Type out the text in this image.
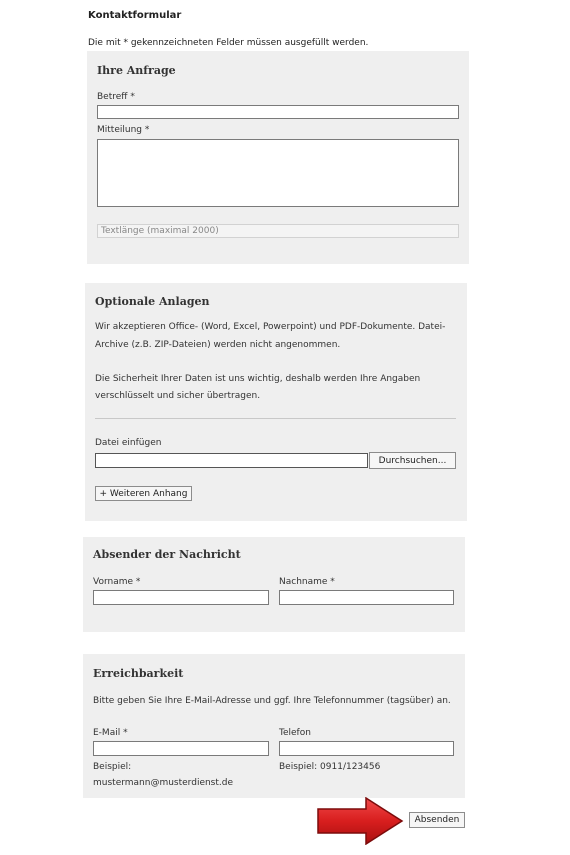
Kontaktformular
Die mit * gekennzeichneten Felder müssen ausgefüllt werden.
Ihre Anfrage
Betreff *
Mitteilung *
Textlänge (maximal 2000)
Optionale Anlagen
Wir akzeptieren Office- (Word, Excel, Powerpoint) und PDF-Dokumente. Datei-
Archive (z.B. ZIP-Dateien) werden nicht angenommen.
Die Sicherheit Ihrer Daten ist uns wichtig, deshalb werden Ihre Angaben
verschlüsselt und sicher übertragen.
Datei einfügen
Durchsuchen...
+ Weiteren Anhang
Absender der Nachricht
Vorname *	Nachname *
Erreichbarkeit
Bitte geben Sie Ihre E-Mail-Adresse und ggf. Ihre Telefonnummer (tagsüber) an.
E-Mail *	Telefon
Beispiel:
mustermann@musterdienst.de
Beispiel: 0911/123456
Absenden
